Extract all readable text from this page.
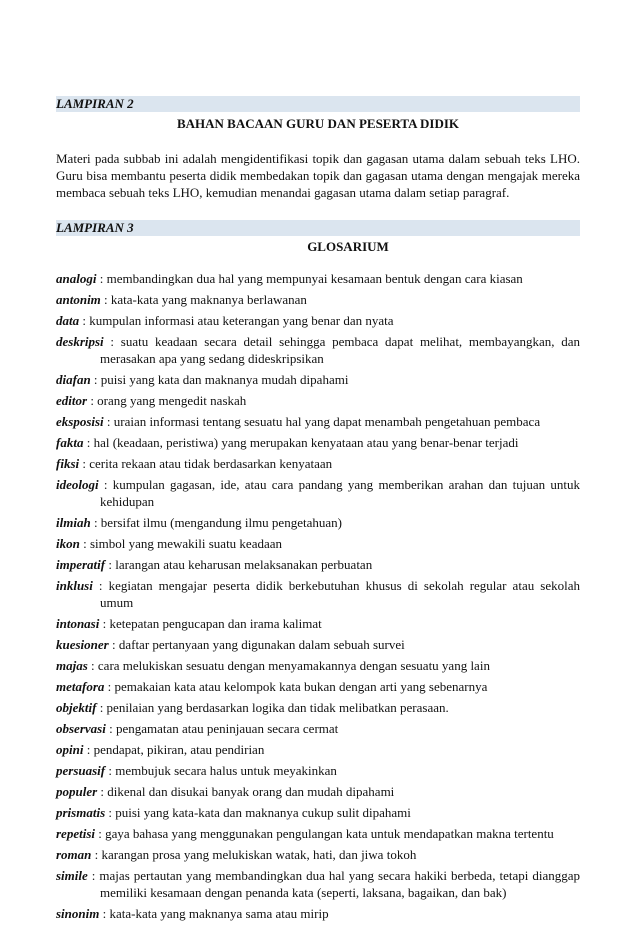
LAMPIRAN 2
BAHAN BACAAN GURU DAN PESERTA DIDIK

Materi pada subbab ini adalah mengidentifikasi topik dan gagasan utama dalam sebuah teks LHO. Guru bisa membantu peserta didik membedakan topik dan gagasan utama dengan mengajak mereka membaca sebuah teks LHO, kemudian menandai gagasan utama dalam setiap paragraf.

LAMPIRAN 3
GLOSARIUM
analogi : membandingkan dua hal yang mempunyai kesamaan bentuk dengan cara kiasan
antonim : kata-kata yang maknanya berlawanan
data : kumpulan informasi atau keterangan yang benar dan nyata
deskripsi : suatu keadaan secara detail sehingga pembaca dapat melihat, membayangkan, dan merasakan apa yang sedang dideskripsikan
diafan : puisi yang kata dan maknanya mudah dipahami
editor : orang yang mengedit naskah
eksposisi : uraian informasi tentang sesuatu hal yang dapat menambah pengetahuan pembaca
fakta : hal (keadaan, peristiwa) yang merupakan kenyataan atau yang benar-benar terjadi
fiksi : cerita rekaan atau tidak berdasarkan kenyataan
ideologi : kumpulan gagasan, ide, atau cara pandang yang memberikan arahan dan tujuan untuk kehidupan
ilmiah : bersifat ilmu (mengandung ilmu pengetahuan)
ikon : simbol yang mewakili suatu keadaan
imperatif : larangan atau keharusan melaksanakan perbuatan
inklusi : kegiatan mengajar peserta didik berkebutuhan khusus di sekolah regular atau sekolah umum
intonasi : ketepatan pengucapan dan irama kalimat
kuesioner : daftar pertanyaan yang digunakan dalam sebuah survei
majas : cara melukiskan sesuatu dengan menyamakannya dengan sesuatu yang lain
metafora : pemakaian kata atau kelompok kata bukan dengan arti yang sebenarnya
objektif : penilaian yang berdasarkan logika dan tidak melibatkan perasaan.
observasi : pengamatan atau peninjauan secara cermat
opini : pendapat, pikiran, atau pendirian
persuasif : membujuk secara halus untuk meyakinkan
populer : dikenal dan disukai banyak orang dan mudah dipahami
prismatis : puisi yang kata-kata dan maknanya cukup sulit dipahami
repetisi : gaya bahasa yang menggunakan pengulangan kata untuk mendapatkan makna tertentu
roman : karangan prosa yang melukiskan watak, hati, dan jiwa tokoh
simile : majas pertautan yang membandingkan dua hal yang secara hakiki berbeda, tetapi dianggap memiliki kesamaan dengan penanda kata (seperti, laksana, bagaikan, dan bak)
sinonim : kata-kata yang maknanya sama atau mirip
